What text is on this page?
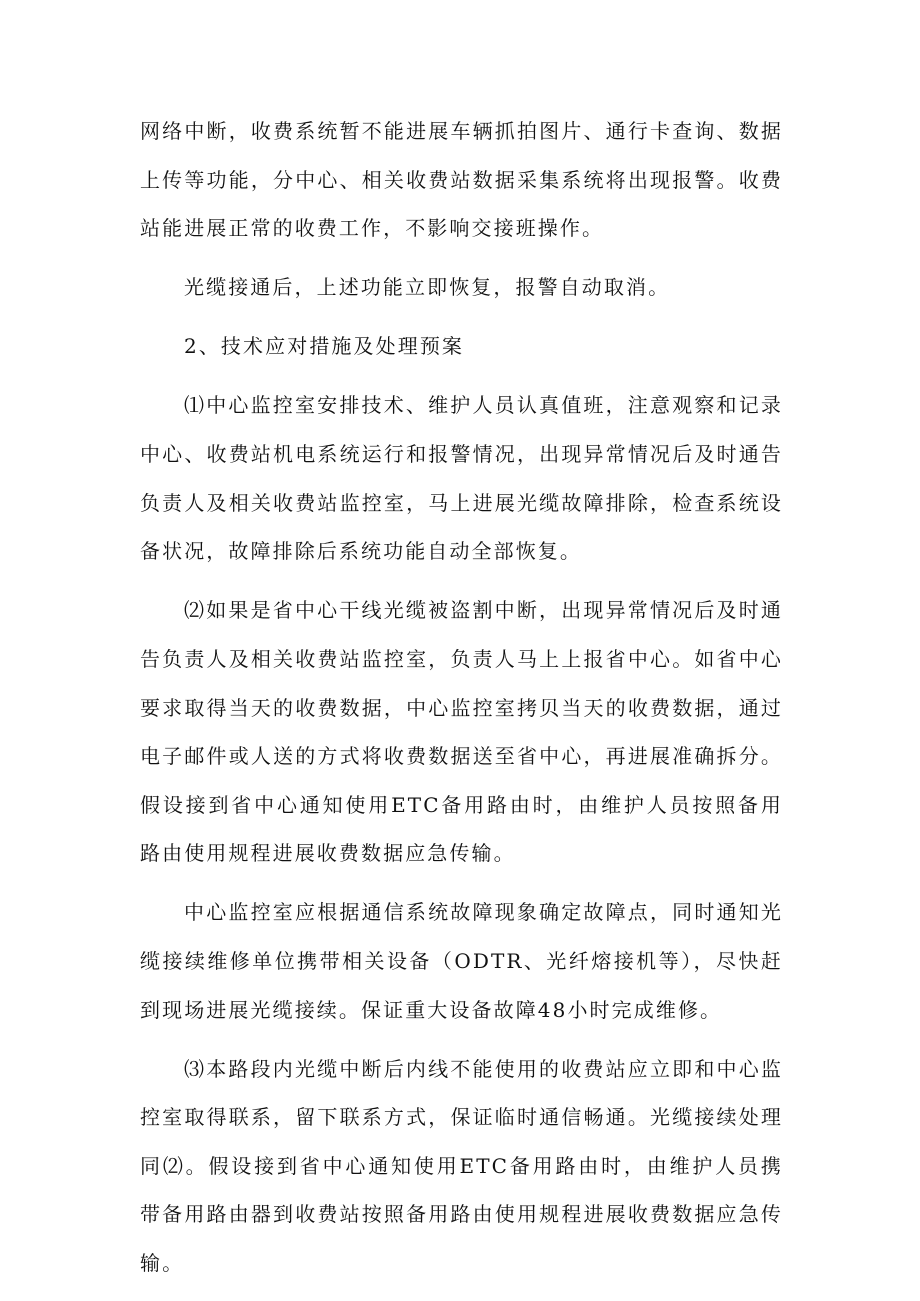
网络中断，收费系统暂不能进展车辆抓拍图片、通行卡查询、数据上传等功能，分中心、相关收费站数据采集系统将出现报警。收费站能进展正常的收费工作，不影响交接班操作。

光缆接通后，上述功能立即恢复，报警自动取消。

2、技术应对措施及处理预案

⑴中心监控室安排技术、维护人员认真值班，注意观察和记录中心、收费站机电系统运行和报警情况，出现异常情况后及时通告负责人及相关收费站监控室，马上进展光缆故障排除，检查系统设备状况，故障排除后系统功能自动全部恢复。

⑵如果是省中心干线光缆被盗割中断，出现异常情况后及时通告负责人及相关收费站监控室，负责人马上上报省中心。如省中心要求取得当天的收费数据，中心监控室拷贝当天的收费数据，通过电子邮件或人送的方式将收费数据送至省中心，再进展准确拆分。假设接到省中心通知使用ETC备用路由时，由维护人员按照备用路由使用规程进展收费数据应急传输。

中心监控室应根据通信系统故障现象确定故障点，同时通知光缆接续维修单位携带相关设备（ODTR、光纤熔接机等），尽快赶到现场进展光缆接续。保证重大设备故障48小时完成维修。

⑶本路段内光缆中断后内线不能使用的收费站应立即和中心监控室取得联系，留下联系方式，保证临时通信畅通。光缆接续处理同⑵。假设接到省中心通知使用ETC备用路由时，由维护人员携带备用路由器到收费站按照备用路由使用规程进展收费数据应急传输。
